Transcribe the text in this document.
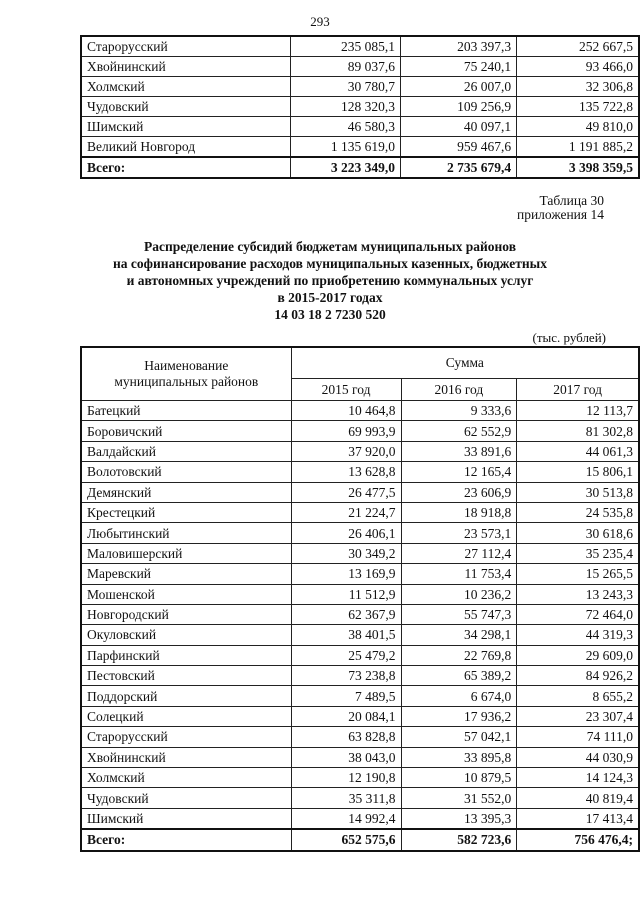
293
Старорусский	235 085,1	203 397,3	252 667,5
Хвойнинский	89 037,6	75 240,1	93 466,0
Холмский	30 780,7	26 007,0	32 306,8
Чудовский	128 320,3	109 256,9	135 722,8
Шимский	46 580,3	40 097,1	49 810,0
Великий Новгород	1 135 619,0	959 467,6	1 191 885,2
Всего:	3 223 349,0	2 735 679,4	3 398 359,5
Таблица 30
приложения 14
Распределение субсидий бюджетам муниципальных районов
на софинансирование расходов муниципальных казенных, бюджетных
и автономных учреждений по приобретению коммунальных услуг
в 2015-2017 годах
14 03 18 2 7230 520
(тыс. рублей)
Наименование
муниципальных районов	Сумма		
	2015 год	2016 год	2017 год
Батецкий	10 464,8	9 333,6	12 113,7
Боровичский	69 993,9	62 552,9	81 302,8
Валдайский	37 920,0	33 891,6	44 061,3
Волотовский	13 628,8	12 165,4	15 806,1
Демянский	26 477,5	23 606,9	30 513,8
Крестецкий	21 224,7	18 918,8	24 535,8
Любытинский	26 406,1	23 573,1	30 618,6
Маловишерский	30 349,2	27 112,4	35 235,4
Маревский	13 169,9	11 753,4	15 265,5
Мошенской	11 512,9	10 236,2	13 243,3
Новгородский	62 367,9	55 747,3	72 464,0
Окуловский	38 401,5	34 298,1	44 319,3
Парфинский	25 479,2	22 769,8	29 609,0
Пестовский	73 238,8	65 389,2	84 926,2
Поддорский	7 489,5	6 674,0	8 655,2
Солецкий	20 084,1	17 936,2	23 307,4
Старорусский	63 828,8	57 042,1	74 111,0
Хвойнинский	38 043,0	33 895,8	44 030,9
Холмский	12 190,8	10 879,5	14 124,3
Чудовский	35 311,8	31 552,0	40 819,4
Шимский	14 992,4	13 395,3	17 413,4
Всего:	652 575,6	582 723,6	756 476,4;
